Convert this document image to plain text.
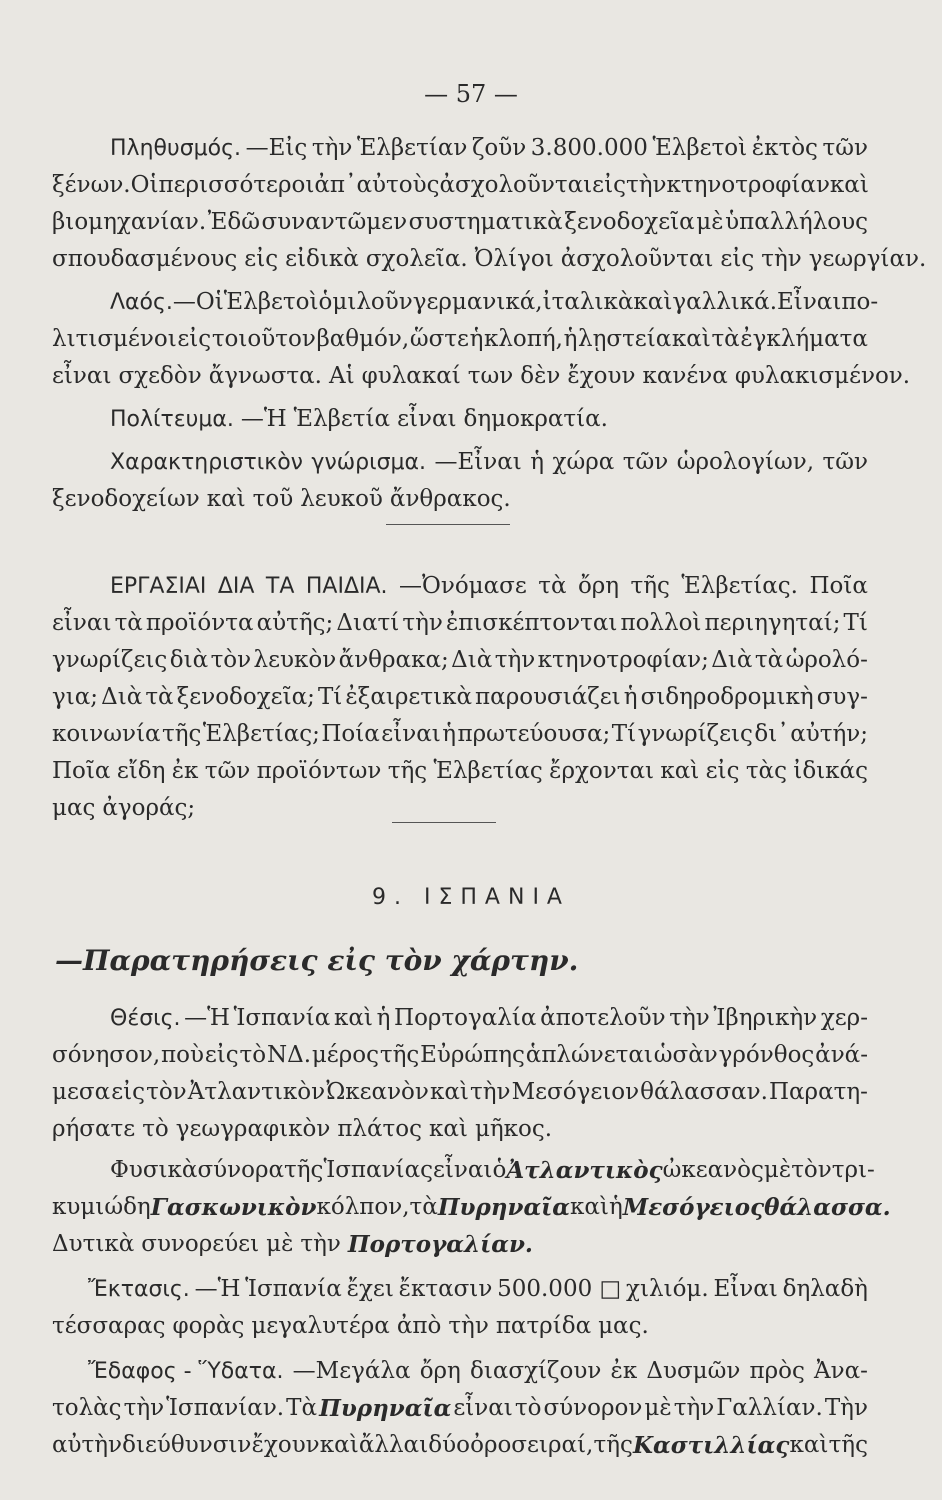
— 57 —
Πληθυσμός. —Εἰς τὴν Ἑλβετίαν ζοῦν 3.800.000 Ἑλβετοὶ ἐκτὸς τῶν
ξένων. Οἱ περισσότεροι ἀπ᾿ αὐτοὺς ἀσχολοῦνται εἰς τὴν κτηνοτροφίαν καὶ
βιομηχανίαν. Ἐδῶ συναντῶμεν συστηματικὰ ξενοδοχεῖα μὲ ὑπαλλήλους
σπουδασμένους εἰς εἰδικὰ σχολεῖα. Ὀλίγοι ἀσχολοῦνται εἰς τὴν γεωργίαν.
Λαός. —Οἱ Ἑλβετοὶ ὁμιλοῦν γερμανικά, ἰταλικὰ καὶ γαλλικά. Εἶναι πο-
λιτισμένοι εἰς τοιοῦτον βαθμόν, ὥστε ἡ κλοπή, ἡ λῃστεία καὶ τὰ ἐγκλήματα
εἶναι σχεδὸν ἄγνωστα. Αἱ φυλακαί των δὲν ἔχουν κανένα φυλακισμένον.
Πολίτευμα. —Ἡ Ἑλβετία εἶναι δημοκρατία.
Χαρακτηριστικὸν γνώρισμα. —Εἶναι ἡ χώρα τῶν ὡρολογίων, τῶν
ξενοδοχείων καὶ τοῦ λευκοῦ ἄνθρακος.
ΕΡΓΑΣΙΑΙ ΔΙΑ ΤΑ ΠΑΙΔΙΑ. —Ὀνόμασε τὰ ὄρη τῆς Ἑλβετίας. Ποῖα
εἶναι τὰ προϊόντα αὐτῆς; Διατί τὴν ἐπισκέπτονται πολλοὶ περιηγηταί; Τί
γνωρίζεις διὰ τὸν λευκὸν ἄνθρακα; Διὰ τὴν κτηνοτροφίαν; Διὰ τὰ ὡρολό-
για; Διὰ τὰ ξενοδοχεῖα; Τί ἐξαιρετικὰ παρουσιάζει ἡ σιδηροδρομικὴ συγ-
κοινωνία τῆς Ἑλβετίας; Ποία εἶναι ἡ πρωτεύουσα; Τί γνωρίζεις δι᾿ αὐτήν;
Ποῖα εἴδη ἐκ τῶν προϊόντων τῆς Ἑλβετίας ἔρχονται καὶ εἰς τὰς ἰδικάς
μας ἀγοράς;
9. ΙΣΠΑΝΙΑ
—Παρατηρήσεις εἰς τὸν χάρτην.
Θέσις. —Ἡ Ἱσπανία καὶ ἡ Πορτογαλία ἀποτελοῦν τὴν Ἰβηρικὴν χερ-
σόνησον, ποὺ εἰς τὸ ΝΔ. μέρος τῆς Εὐρώπης ἁπλώνεται ὡσὰν γρόνθος ἀνά-
μεσα εἰς τὸν Ἀτλαντικὸν Ὠκεανὸν καὶ τὴν Μεσόγειον θάλασσαν. Παρατη-
ρήσατε τὸ γεωγραφικὸν πλάτος καὶ μῆκος.
Φυσικὰ σύνορα τῆς Ἱσπανίας εἶναι ὁ Ἀτλαντικὸς ὠκεανὸς μὲ τὸν τρι-
κυμιώδη Γασκωνικὸν κόλπον, τὰ Πυρηναῖα καὶ ἡ Μεσόγειος θάλασσα.
Δυτικὰ συνορεύει μὲ τὴν Πορτογαλίαν.
Ἔκτασις. —Ἡ Ἱσπανία ἔχει ἔκτασιν 500.000 □ χιλιόμ. Εἶναι δηλαδὴ
τέσσαρας φορὰς μεγαλυτέρα ἀπὸ τὴν πατρίδα μας.
Ἔδαφος - Ὕδατα. —Μεγάλα ὄρη διασχίζουν ἐκ Δυσμῶν πρὸς Ἀνα-
τολὰς τὴν Ἱσπανίαν. Τὰ Πυρηναῖα εἶναι τὸ σύνορον μὲ τὴν Γαλλίαν. Τὴν
αὐτὴν διεύθυνσιν ἔχουν καὶ ἄλλαι δύο ὀροσειραί, τῆς Καστιλλίας καὶ τῆς
